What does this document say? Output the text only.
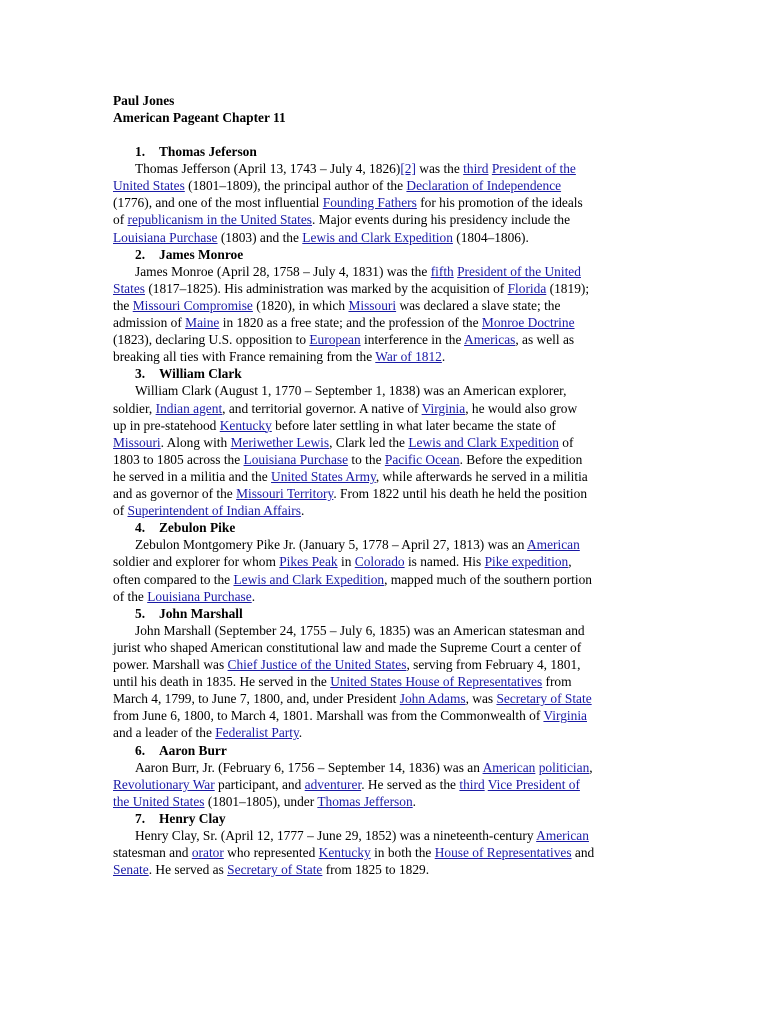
Paul Jones
American Pageant Chapter 11
1. Thomas Jeferson
Thomas Jefferson (April 13, 1743 – July 4, 1826)[2] was the third President of the
United States (1801–1809), the principal author of the Declaration of Independence
(1776), and one of the most influential Founding Fathers for his promotion of the ideals
of republicanism in the United States. Major events during his presidency include the
Louisiana Purchase (1803) and the Lewis and Clark Expedition (1804–1806).
2. James Monroe
James Monroe (April 28, 1758 – July 4, 1831) was the fifth President of the United
States (1817–1825). His administration was marked by the acquisition of Florida (1819);
the Missouri Compromise (1820), in which Missouri was declared a slave state; the
admission of Maine in 1820 as a free state; and the profession of the Monroe Doctrine
(1823), declaring U.S. opposition to European interference in the Americas, as well as
breaking all ties with France remaining from the War of 1812.
3. William Clark
William Clark (August 1, 1770 – September 1, 1838) was an American explorer,
soldier, Indian agent, and territorial governor. A native of Virginia, he would also grow
up in pre-statehood Kentucky before later settling in what later became the state of
Missouri. Along with Meriwether Lewis, Clark led the Lewis and Clark Expedition of
1803 to 1805 across the Louisiana Purchase to the Pacific Ocean. Before the expedition
he served in a militia and the United States Army, while afterwards he served in a militia
and as governor of the Missouri Territory. From 1822 until his death he held the position
of Superintendent of Indian Affairs.
4. Zebulon Pike
Zebulon Montgomery Pike Jr. (January 5, 1778 – April 27, 1813) was an American
soldier and explorer for whom Pikes Peak in Colorado is named. His Pike expedition,
often compared to the Lewis and Clark Expedition, mapped much of the southern portion
of the Louisiana Purchase.
5. John Marshall
John Marshall (September 24, 1755 – July 6, 1835) was an American statesman and
jurist who shaped American constitutional law and made the Supreme Court a center of
power. Marshall was Chief Justice of the United States, serving from February 4, 1801,
until his death in 1835. He served in the United States House of Representatives from
March 4, 1799, to June 7, 1800, and, under President John Adams, was Secretary of State
from June 6, 1800, to March 4, 1801. Marshall was from the Commonwealth of Virginia
and a leader of the Federalist Party.
6. Aaron Burr
Aaron Burr, Jr. (February 6, 1756 – September 14, 1836) was an American politician,
Revolutionary War participant, and adventurer. He served as the third Vice President of
the United States (1801–1805), under Thomas Jefferson.
7. Henry Clay
Henry Clay, Sr. (April 12, 1777 – June 29, 1852) was a nineteenth-century American
statesman and orator who represented Kentucky in both the House of Representatives and
Senate. He served as Secretary of State from 1825 to 1829.
